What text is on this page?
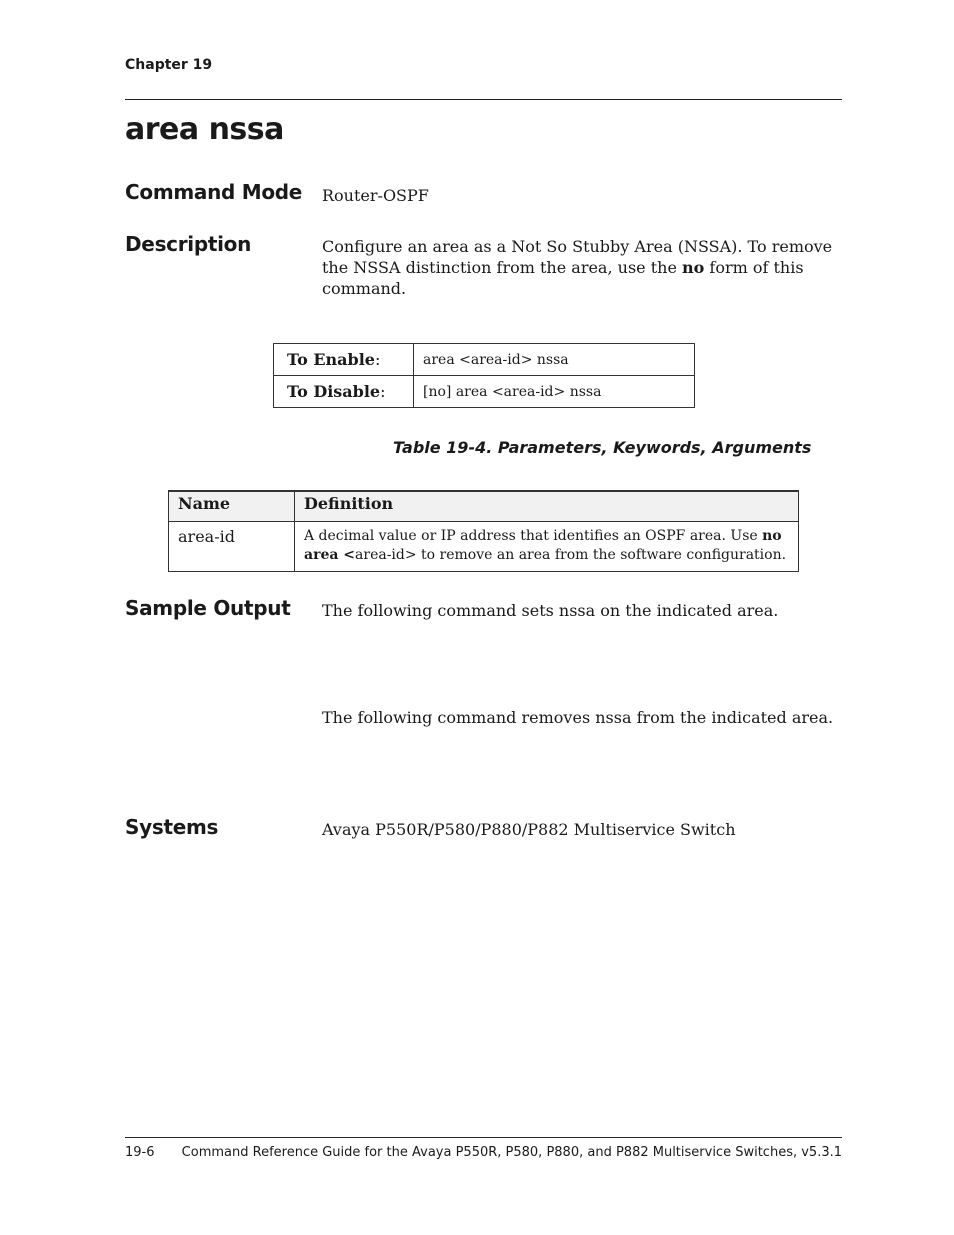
Chapter 19
area nssa
Command Mode Router-OSPF
Description	Configure an area as a Not So Stubby Area (NSSA). To remove the NSSA distinction from the area, use the no form of this command.
To Enable:	area <area-id> nssa
To Disable:	[no] area <area-id> nssa
Table 19-4. Parameters, Keywords, Arguments
Name	Definition
area-id	A decimal value or IP address that identifies an OSPF area. Use no area <area-id> to remove an area from the software configuration.
Sample Output The following command sets nssa on the indicated area.
The following command removes nssa from the indicated area.
Systems	Avaya P550R/P580/P880/P882 Multiservice Switch
19-6 Command Reference Guide for the Avaya P550R, P580, P880, and P882 Multiservice Switches, v5.3.1
